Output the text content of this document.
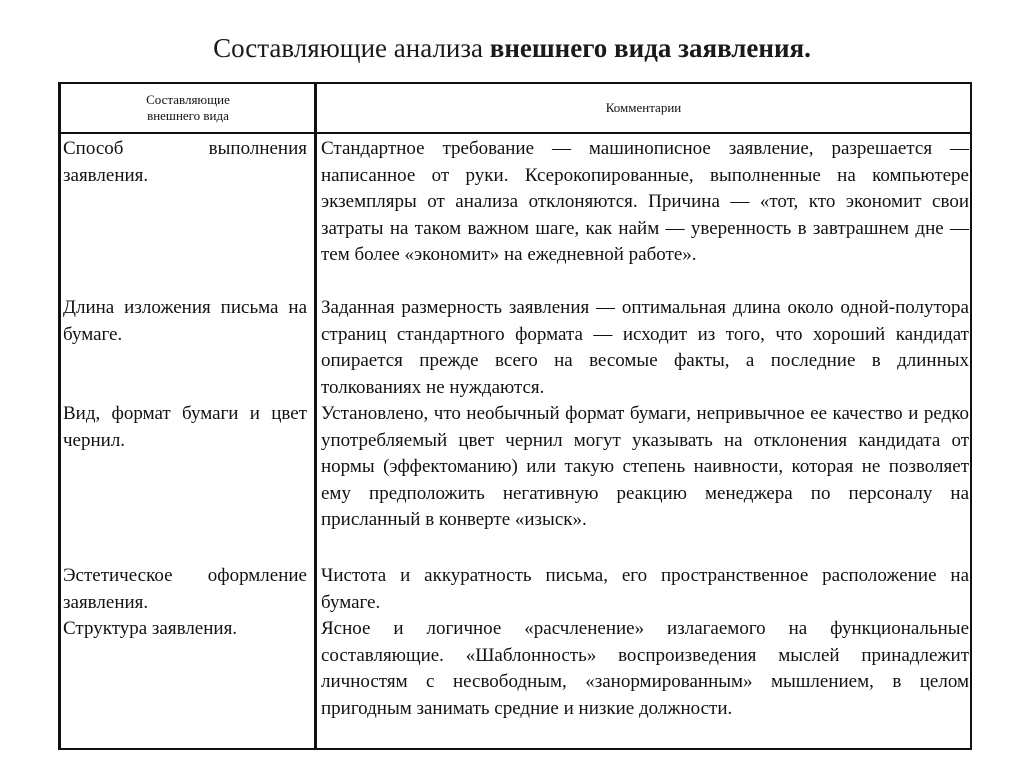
Составляющие анализа внешнего вида заявления.
Составляющие
внешнего вида
Комментарии
Способ выполнения заявления.
Стандартное требование — машинописное заявление, разрешается — написанное от руки. Ксерокопированные, выполненные на компьютере экземпляры от анализа отклоняются. Причина — «тот, кто экономит свои затраты на таком важном шаге, как найм — уверенность в завтрашнем дне — тем более «экономит» на ежедневной работе».
Длина изложения письма на бумаге.
Заданная размерность заявления — оптимальная длина около одной-полутора страниц стандартного формата — исходит из того, что хороший кандидат опирается прежде всего на весомые факты, а последние в длинных толкованиях не нуждаются.
Вид, формат бумаги и цвет чернил.
Установлено, что необычный формат бумаги, непривычное ее качество и редко употребляемый цвет чернил могут указывать на отклонения кандидата от нормы (эффектоманию) или такую степень наивности, которая не позволяет ему предположить негативную реакцию менеджера по персоналу на присланный в конверте «изыск».
Эстетическое оформление заявления.
Чистота и аккуратность письма, его пространственное расположение на бумаге.
Структура заявления.	Ясное и логичное «расчленение» излагаемого на функциональные составляющие. «Шаблонность» воспроизведения мыслей принадлежит личностям с несвободным, «занормированным» мышлением, в целом пригодным занимать средние и низкие должности.
